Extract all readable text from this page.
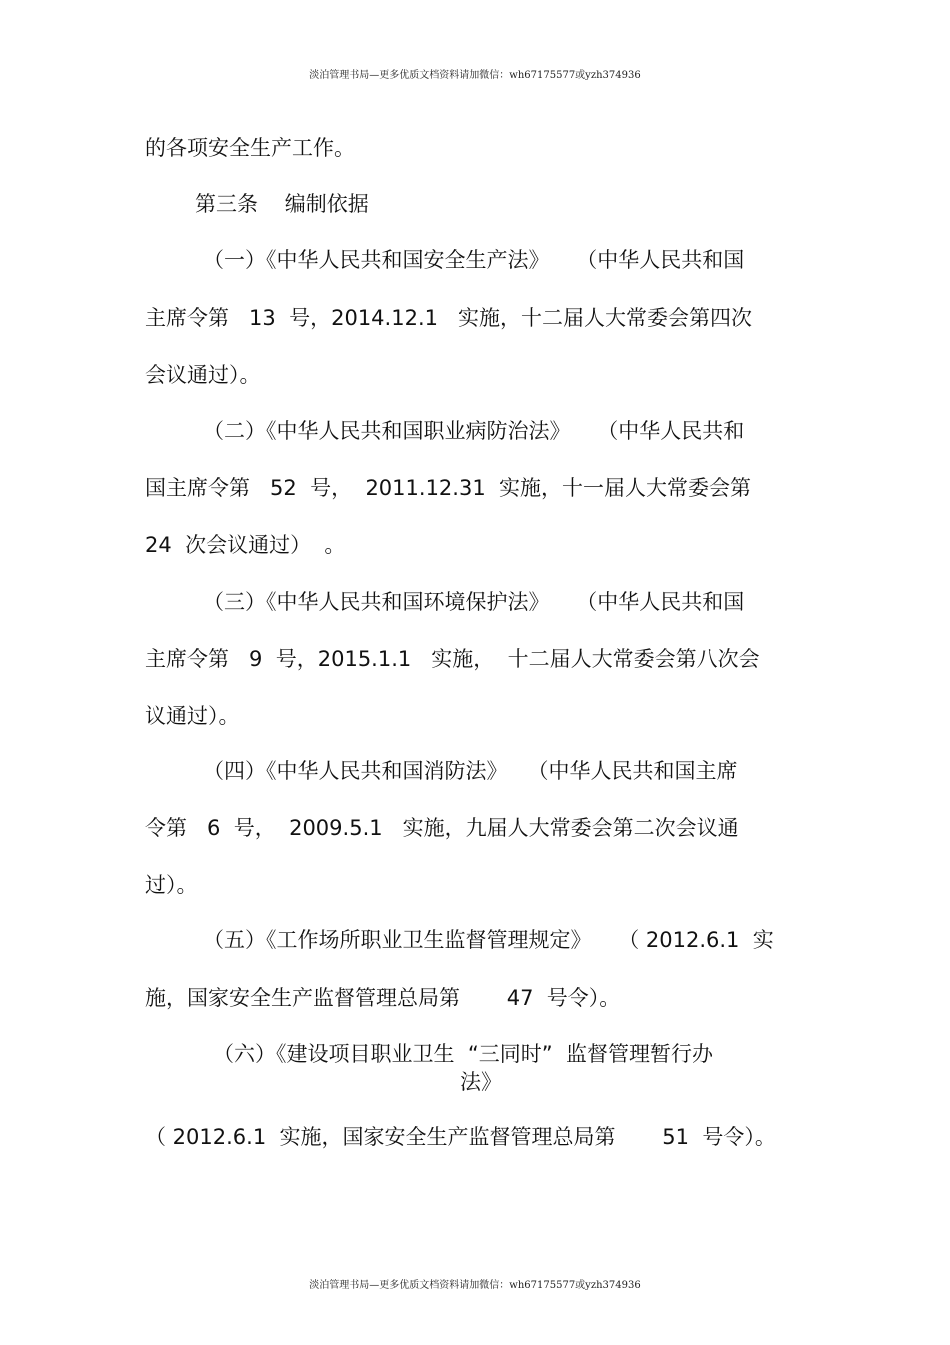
淡泊管理书局—更多优质文档资料请加微信：wh67175577或yzh374936
的各项安全生产工作。
第三条    编制依据
（一）《中华人民共和国安全生产法》    （中华人民共和国
主席令第   13  号，2014.12.1   实施，十二届人大常委会第四次
会议通过）。
（二）《中华人民共和国职业病防治法》    （中华人民共和
国主席令第   52  号，  2011.12.31  实施，十一届人大常委会第
24  次会议通过）  。
（三）《中华人民共和国环境保护法》    （中华人民共和国
主席令第   9  号，2015.1.1   实施，  十二届人大常委会第八次会
议通过）。
（四）《中华人民共和国消防法》   （中华人民共和国主席
令第   6  号，  2009.5.1   实施，九届人大常委会第二次会议通
过）。
（五）《工作场所职业卫生监督管理规定》    （ 2012.6.1  实
施，国家安全生产监督管理总局第       47  号令）。
（六）《建设项目职业卫生  “三同时”  监督管理暂行办
法》
（ 2012.6.1  实施，国家安全生产监督管理总局第       51  号令）。
淡泊管理书局—更多优质文档资料请加微信：wh67175577或yzh374936
